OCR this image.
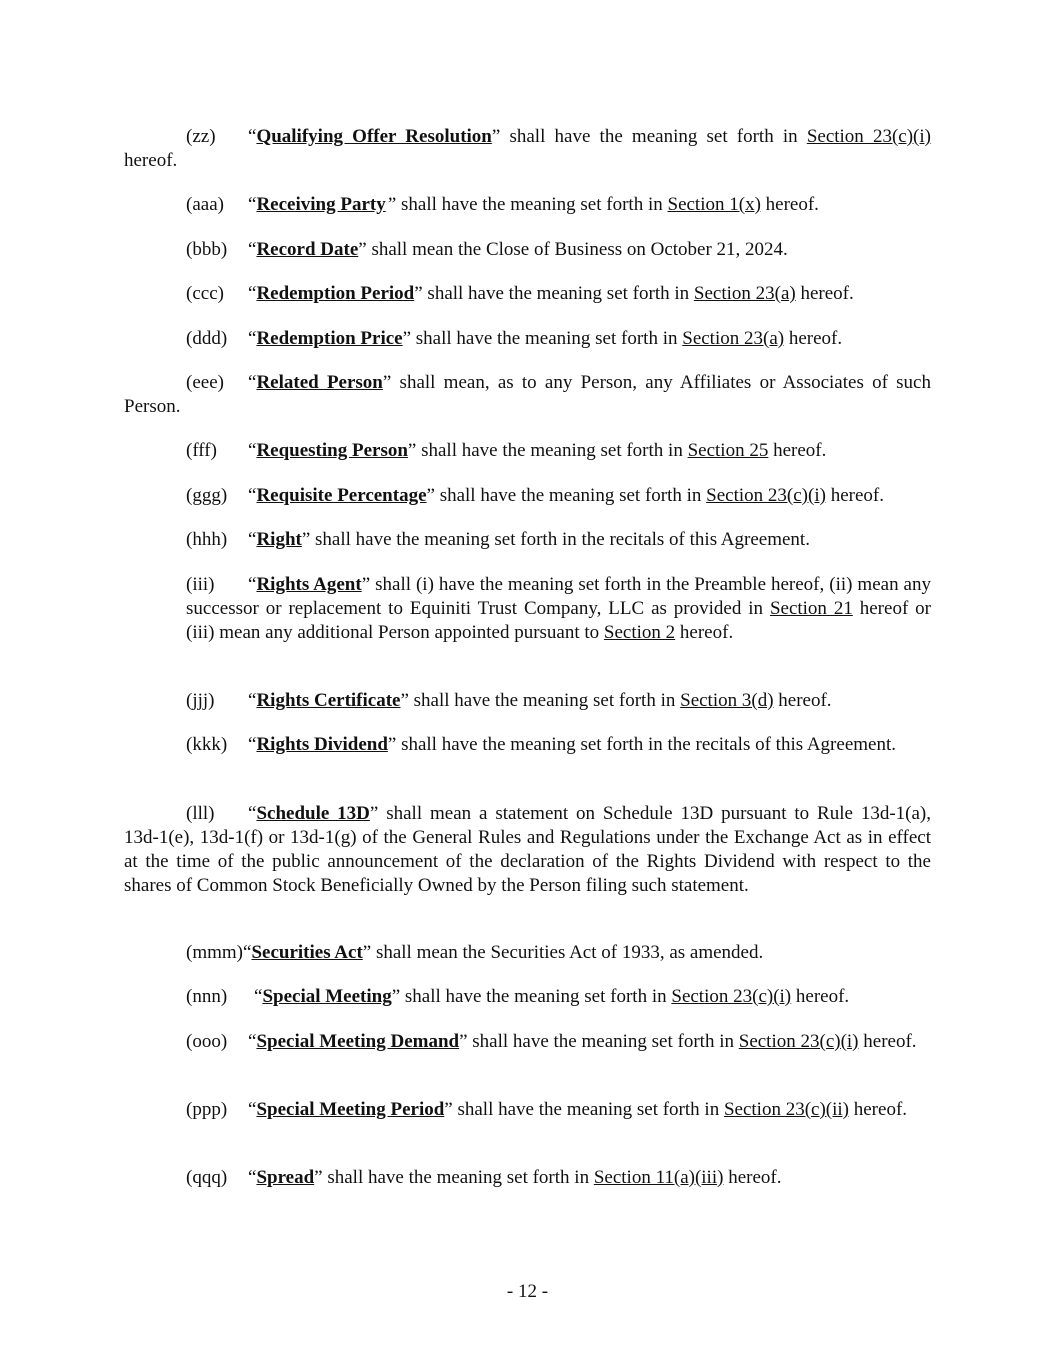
(zz) “Qualifying Offer Resolution” shall have the meaning set forth in Section 23(c)(i) hereof.

(aaa) “Receiving Party” shall have the meaning set forth in Section 1(x) hereof.

(bbb) “Record Date” shall mean the Close of Business on October 21, 2024.

(ccc) “Redemption Period” shall have the meaning set forth in Section 23(a) hereof.

(ddd) “Redemption Price” shall have the meaning set forth in Section 23(a) hereof.

(eee) “Related Person” shall mean, as to any Person, any Affiliates or Associates of such Person.

(fff) “Requesting Person” shall have the meaning set forth in Section 25 hereof.

(ggg) “Requisite Percentage” shall have the meaning set forth in Section 23(c)(i) hereof.

(hhh) “Right” shall have the meaning set forth in the recitals of this Agreement.

(iii) “Rights Agent” shall (i) have the meaning set forth in the Preamble hereof, (ii) mean any successor or replacement to Equiniti Trust Company, LLC as provided in Section 21 hereof or (iii) mean any additional Person appointed pursuant to Section 2 hereof.

(jjj) “Rights Certificate” shall have the meaning set forth in Section 3(d) hereof.

(kkk) “Rights Dividend” shall have the meaning set forth in the recitals of this Agreement.

(lll) “Schedule 13D” shall mean a statement on Schedule 13D pursuant to Rule 13d-1(a), 13d-1(e), 13d-1(f) or 13d-1(g) of the General Rules and Regulations under the Exchange Act as in effect at the time of the public announcement of the declaration of the Rights Dividend with respect to the shares of Common Stock Beneficially Owned by the Person filing such statement.

(mmm)“Securities Act” shall mean the Securities Act of 1933, as amended.

(nnn) “Special Meeting” shall have the meaning set forth in Section 23(c)(i) hereof.

(ooo) “Special Meeting Demand” shall have the meaning set forth in Section 23(c)(i) hereof.

(ppp) “Special Meeting Period” shall have the meaning set forth in Section 23(c)(ii) hereof.

(qqq) “Spread” shall have the meaning set forth in Section 11(a)(iii) hereof.

- 12 -
